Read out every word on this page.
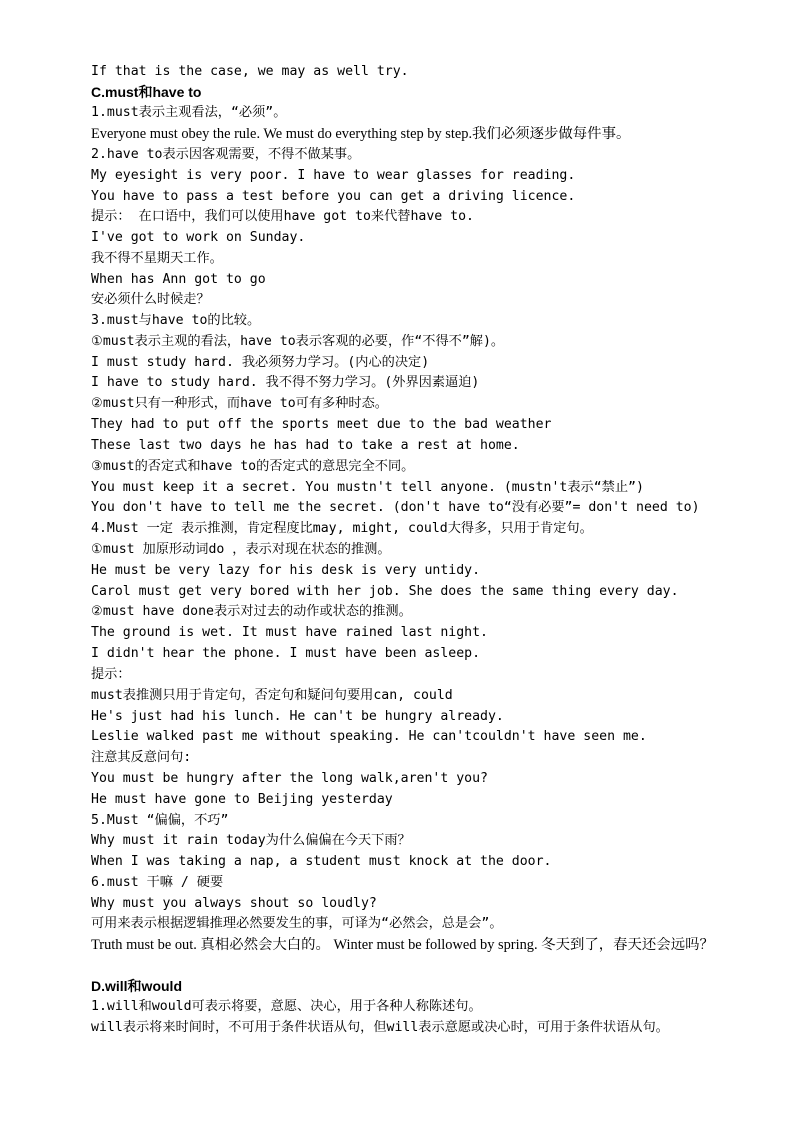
If that is the case, we may as well try.
C.must和have to
1.must表示主观看法，“必须”。
Everyone must obey the rule. We must do everything step by step.我们必须逐步做每件事。
2.have to表示因客观需要，不得不做某事。
My eyesight is very poor. I have to wear glasses for reading.
You have to pass a test before you can get a driving licence.
提示： 在口语中，我们可以使用have got to来代替have to.
I've got to work on Sunday.
我不得不星期天工作。
When has Ann got to go
安必须什么时候走？
3.must与have to的比较。
①must表示主观的看法，have to表示客观的必要，作“不得不”解)。
I must study hard. 我必须努力学习。(内心的决定)
I have to study hard. 我不得不努力学习。(外界因素逼迫)
②must只有一种形式，而have to可有多种时态。
They had to put off the sports meet due to the bad weather
These last two days he has had to take a rest at home.
③must的否定式和have to的否定式的意思完全不同。
You must keep it a secret. You mustn't tell anyone. (mustn't表示“禁止”)
You don't have to tell me the secret. (don't have to“没有必要”= don't need to)
4.Must 一定 表示推测，肯定程度比may, might, could大得多，只用于肯定句。
①must 加原形动词do ，表示对现在状态的推测。
He must be very lazy for his desk is very untidy.
Carol must get very bored with her job. She does the same thing every day.
②must have done表示对过去的动作或状态的推测。
The ground is wet. It must have rained last night.
I didn't hear the phone. I must have been asleep.
提示：
must表推测只用于肯定句，否定句和疑问句要用can, could
He's just had his lunch. He can't be hungry already.
Leslie walked past me without speaking. He can'tcouldn't have seen me.
注意其反意问句:
You must be hungry after the long walk,aren't you?
He must have gone to Beijing yesterday
5.Must “偏偏，不巧”
Why must it rain today为什么偏偏在今天下雨？
When I was taking a nap, a student must knock at the door.
6.must 干嘛 / 硬要
Why must you always shout so loudly?
可用来表示根据逻辑推理必然要发生的事，可译为“必然会，总是会”。
Truth must be out. 真相必然会大白的。 Winter must be followed by spring. 冬天到了，春天还会远吗？
D.will和would
1.will和would可表示将要，意愿、决心，用于各种人称陈述句。
will表示将来时间时，不可用于条件状语从句，但will表示意愿或决心时，可用于条件状语从句。
